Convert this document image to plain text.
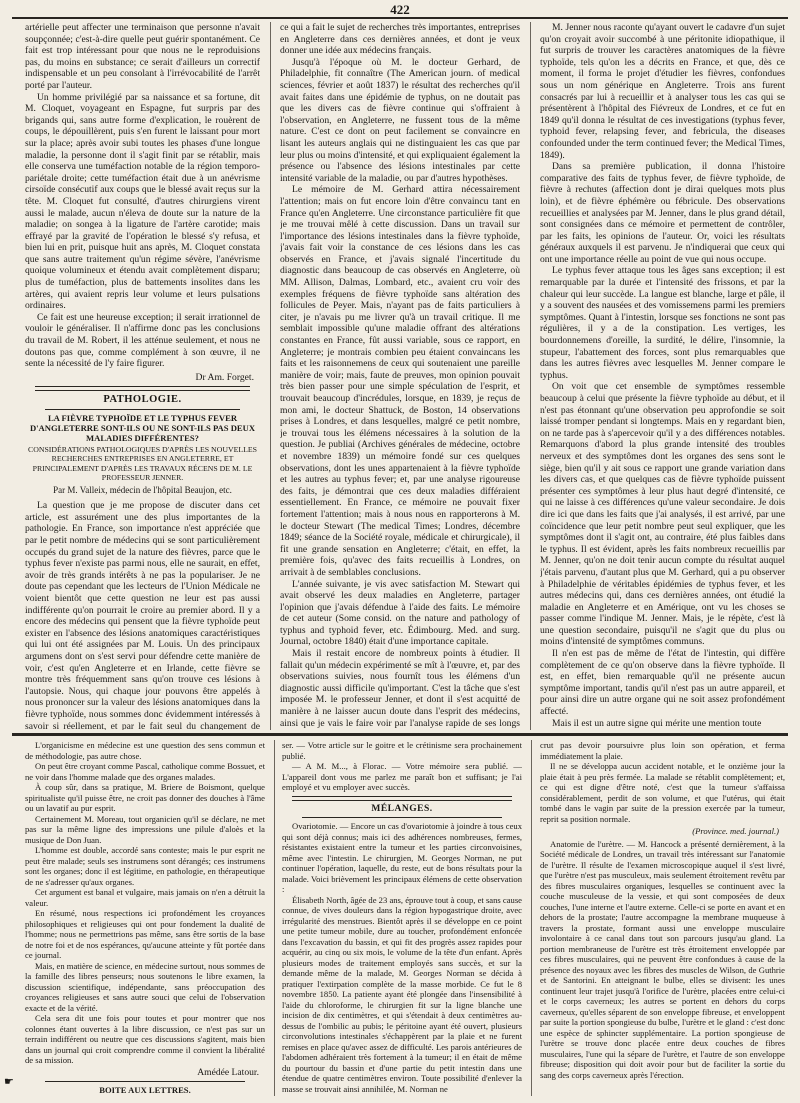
422

artérielle peut affecter une terminaison que personne n'avait soupçonnée; c'est-à-dire quelle peut guérir spontanément. Ce fait est trop intéressant pour que nous ne le reproduisions pas, du moins en substance; ce serait d'ailleurs un correctif indispensable et un peu consolant à l'irrévocabilité de l'arrêt porté par l'auteur.

Un homme privilégié par sa naissance et sa fortune, dit M. Cloquet, voyageant en Espagne, fut surpris par des brigands qui, sans autre forme d'explication, le rouèrent de coups, le dépouillèrent, puis s'en furent le laissant pour mort sur la place; après avoir subi toutes les phases d'une longue maladie, la personne dont il s'agit finit par se rétablir, mais elle conserva une tuméfaction notable de la région temporo-pariétale droite; cette tuméfaction était due à un anévrisme cirsoïde consécutif aux coups que le blessé avait reçus sur la tête. M. Cloquet fut consulté, d'autres chirurgiens virent aussi le malade, aucun n'éleva de doute sur la nature de la maladie; on songea à la ligature de l'artère carotide; mais effrayé par la gravité de l'opération le blessé s'y refusa, et bien lui en prit, puisque huit ans après, M. Cloquet constata que sans autre traitement qu'un régime sévère, l'anévrisme quoique volumineux et étendu avait complètement disparu; plus de tuméfaction, plus de battements insolites dans les artères, qui avaient repris leur volume et leurs pulsations ordinaires.

Ce fait est une heureuse exception; il serait irrationnel de vouloir le généraliser. Il n'affirme donc pas les conclusions du travail de M. Robert, il les atténue seulement, et nous ne doutons pas que, comme complément à son œuvre, il ne sente la nécessité de l'y faire figurer.

Dr Am. Forget.
PATHOLOGIE.
LA FIÈVRE TYPHOÏDE ET LE TYPHUS FEVER D'ANGLETERRE SONT-ILS OU NE SONT-ILS PAS DEUX MALADIES DIFFÉRENTES?
CONSIDÉRATIONS PATHOLOGIQUES D'APRÈS LES NOUVELLES RECHERCHES ENTREPRISES EN ANGLETERRE, ET PRINCIPALEMENT D'APRÈS LES TRAVAUX RÉCENS DE M. LE PROFESSEUR JENNER.
Par M. Valleix, médecin de l'hôpital Beaujon, etc.

La question que je me propose de discuter dans cet article, est assurément une des plus importantes de la pathologie. En France, son importance n'est appréciée que par le petit nombre de médecins qui se sont particulièrement occupés du grand sujet de la nature des fièvres, parce que le typhus fever n'existe pas parmi nous, elle ne saurait, en effet, avoir de très grands intérêts à ne pas la populariser. Je ne doute pas cependant que les lecteurs de l'Union Médicale ne voient bientôt que cette question ne leur est pas aussi indifférente qu'on pourrait le croire au premier abord. Il y a encore des médecins qui pensent que la fièvre typhoïde peut exister en l'absence des lésions anatomiques caractéristiques qui lui ont été assignées par M. Louis. Un des principaux argumens dont on s'est servi pour défendre cette manière de voir, c'est qu'en Angleterre et en Irlande, cette fièvre se montre très fréquemment sans qu'on trouve ces lésions à l'autopsie. Nous, qui chaque jour pouvons être appelés à nous prononcer sur la valeur des lésions anatomiques dans la fièvre typhoïde, nous sommes donc évidemment intéressés à savoir si réellement, et par le fait seul du changement de

ce qui a fait le sujet de recherches très importantes, entreprises en Angleterre dans ces dernières années, et dont je veux donner une idée aux médecins français.

Jusqu'à l'époque où M. le docteur Gerhard, de Philadelphie, fit connaître (The American journ. of medical sciences, février et août 1837) le résultat des recherches qu'il avait faites dans une épidémie de typhus, on ne doutait pas que les divers cas de fièvre continue qui s'offraient à l'observation, en Angleterre, ne fussent tous de la même nature. C'est ce dont on peut facilement se convaincre en lisant les auteurs anglais qui ne distinguaient les cas que par leur plus ou moins d'intensité, et qui expliquaient également la présence ou l'absence des lésions intestinales par cette intensité variable de la maladie, ou par d'autres hypothèses.

Le mémoire de M. Gerhard attira nécessairement l'attention; mais on fut encore loin d'être convaincu tant en France qu'en Angleterre. Une circonstance particulière fit que je me trouvai mêlé à cette discussion. Dans un travail sur l'importance des lésions intestinales dans la fièvre typhoïde, j'avais fait voir la constance de ces lésions dans les cas observés en France, et j'avais signalé l'incertitude du diagnostic dans beaucoup de cas observés en Angleterre, où MM. Allison, Dalmas, Lombard, etc., avaient cru voir des exemples fréquens de fièvre typhoïde sans altération des follicules de Peyer. Mais, n'ayant pas de faits particuliers à citer, je n'avais pu me livrer qu'à un travail critique. Il me semblait impossible qu'une maladie offrant des altérations constantes en France, fût aussi variable, sous ce rapport, en Angleterre; je montrais combien peu étaient convaincans les faits et les raisonnemens de ceux qui soutenaient une pareille manière de voir; mais, faute de preuves, mon opinion pouvait très bien passer pour une simple spéculation de l'esprit, et trouvait beaucoup d'incrédules, lorsque, en 1839, je reçus de mon ami, le docteur Shattuck, de Boston, 14 observations prises à Londres, et dans lesquelles, malgré ce petit nombre, je trouvai tous les élémens nécessaires à la solution de la question. Je publiai (Archives générales de médecine, octobre et novembre 1839) un mémoire fondé sur ces quelques observations, dont les unes appartenaient à la fièvre typhoïde et les autres au typhus fever; et, par une analyse rigoureuse des faits, je démontrai que ces deux maladies différaient essentiellement. En France, ce mémoire ne pouvait fixer fortement l'attention; mais à nous nous en rapporterons à M. le docteur Stewart (The medical Times; Londres, décembre 1849; séance de la Société royale, médicale et chirurgicale), il fit une grande sensation en Angleterre; c'était, en effet, la première fois, qu'avec des faits recueillis à Londres, on arrivait à de semblables conclusions.

L'année suivante, je vis avec satisfaction M. Stewart qui avait observé les deux maladies en Angleterre, partager l'opinion que j'avais défendue à l'aide des faits. Le mémoire de cet auteur (Some consid. on the nature and pathology of typhus and typhoid fever, etc. Édimbourg. Med. and surg. Journal, octobre 1840) était d'une importance capitale.

Mais il restait encore de nombreux points à étudier. Il fallait qu'un médecin expérimenté se mît à l'œuvre, et, par des observations suivies, nous fournît tous les élémens d'un diagnostic aussi difficile qu'important. C'est la tâche que s'est imposée M. le professeur Jenner, et dont il s'est acquitté de manière à ne laisser aucun doute dans l'esprit des médecins, ainsi que je vais le faire voir par l'analyse rapide de ses longs

M. Jenner nous raconte qu'ayant ouvert le cadavre d'un sujet qu'on croyait avoir succombé à une péritonite idiopathique, il fut surpris de trouver les caractères anatomiques de la fièvre typhoïde, tels qu'on les a décrits en France, et que, dès ce moment, il forma le projet d'étudier les fièvres, confondues sous un nom générique en Angleterre. Trois ans furent consacrés par lui à recueillir et à analyser tous les cas qui se présentèrent à l'hôpital des Fiévreux de Londres, et ce fut en 1849 qu'il donna le résultat de ces investigations (typhus fever, typhoid fever, relapsing fever, and febricula, the diseases confounded under the term continued fever; the Medical Times, 1849).

Dans sa première publication, il donna l'histoire comparative des faits de typhus fever, de fièvre typhoïde, de fièvre à rechutes (affection dont je dirai quelques mots plus loin), et de fièvre éphémère ou fébricule. Des observations recueillies et analysées par M. Jenner, dans le plus grand détail, sont consignées dans ce mémoire et permettent de contrôler, par les faits, les opinions de l'auteur. Or, voici les résultats généraux auxquels il est parvenu. Je n'indiquerai que ceux qui ont une importance réelle au point de vue qui nous occupe.

Le typhus fever attaque tous les âges sans exception; il est remarquable par la durée et l'intensité des frissons, et par la chaleur qui leur succède. La langue est blanche, large et pâle, il y a souvent des nausées et des vomissemens parmi les premiers symptômes. Quant à l'intestin, lorsque ses fonctions ne sont pas régulières, il y a de la constipation. Les vertiges, les bourdonnemens d'oreille, la surdité, le délire, l'insomnie, la stupeur, l'abattement des forces, sont plus remarquables que dans les autres fièvres avec lesquelles M. Jenner compare le typhus.

On voit que cet ensemble de symptômes ressemble beaucoup à celui que présente la fièvre typhoïde au début, et il n'est pas étonnant qu'une observation peu approfondie se soit laissé tromper pendant si longtemps. Mais en y regardant bien, on ne tarde pas à s'apercevoir qu'il y a des différences notables. Remarquons d'abord la plus grande intensité des troubles nerveux et des symptômes dont les organes des sens sont le siège, bien qu'il y ait sous ce rapport une grande variation dans les divers cas, et que quelques cas de fièvre typhoïde puissent présenter ces symptômes à leur plus haut degré d'intensité, ce qui ne laisse à ces différences qu'une valeur secondaire. Je dois dire ici que dans les faits que j'ai analysés, il est arrivé, par une coïncidence que leur petit nombre peut seul expliquer, que les symptômes dont il s'agit ont, au contraire, été plus faibles dans le typhus. Il est évident, après les faits nombreux recueillis par M. Jenner, qu'on ne doit tenir aucun compte du résultat auquel j'étais parvenu, d'autant plus que M. Gerhard, qui a pu observer à Philadelphie de véritables épidémies de typhus fever, et les autres médecins qui, dans ces dernières années, ont étudié la maladie en Angleterre et en Amérique, ont vu les choses se passer comme l'indique M. Jenner. Mais, je le répète, c'est là une question secondaire, puisqu'il ne s'agit que du plus ou moins d'intensité de symptômes communs.

Il n'en est pas de même de l'état de l'intestin, qui diffère complètement de ce qu'on observe dans la fièvre typhoïde. Il est, en effet, bien remarquable qu'il ne présente aucun symptôme important, tandis qu'il n'est pas un autre appareil, et pour ainsi dire un autre organe qui ne soit assez profondément affecté.

Mais il est un autre signe qui mérite une mention toute

L'organicisme en médecine est une question des sens commun et de méthodologie, pas autre chose.

On peut être croyant comme Pascal, catholique comme Bossuet, et ne voir dans l'homme malade que des organes malades.

À coup sûr, dans sa pratique, M. Briere de Boismont, quelque spiritualiste qu'il puisse être, ne croit pas donner des douches à l'âme ou un lavatif au pur esprit.

Certainement M. Moreau, tout organicien qu'il se déclare, ne met pas sur la même ligne des impressions une pilule d'aloès et la musique de Don Juan.

L'homme est double, accordé sans conteste; mais le pur esprit ne peut être malade; seuls ses instrumens sont dérangés; ces instrumens sont les organes; donc il est légitime, en pathologie, en thérapeutique de ne s'adresser qu'aux organes.

Cet argument est banal et vulgaire, mais jamais on n'en a détruit la valeur.

En résumé, nous respections ici profondément les croyances philosophiques et religieuses qui ont pour fondement la dualité de l'homme; nous ne permettrions pas même, sans être sortis de la base de notre foi et de nos espérances, qu'aucune atteinte y fût portée dans ce journal.

Mais, en matière de science, en médecine surtout, nous sommes de la famille des libres penseurs; nous soutenons le libre examen, la discussion scientifique, indépendante, sans préoccupation des croyances religieuses et sans autre souci que celui de l'observation exacte et de la vérité.

Cela sera dit une fois pour toutes et pour montrer que nos colonnes étant ouvertes à la libre discussion, ce n'est pas sur un terrain indifférent ou neutre que ces discussions s'agitent, mais bien dans un journal qui croit comprendre comme il convient la libéralité de sa mission.

Amédée Latour.
BOITE AUX LETTRES.

ser. — Votre article sur le goitre et le crétinisme sera prochainement publié.

— A M. M..., à Florac. — Votre mémoire sera publié. — L'appareil dont vous me parlez me paraît bon et suffisant; je l'ai employé et vu employer avec succès.

MÉLANGES.

Ovariotomie. — Encore un cas d'ovariotomie à joindre à tous ceux qui sont déjà connus; mais ici des adhérences nombreuses, fermes, résistantes existaient entre la tumeur et les parties circonvoisines, même avec l'intestin. Le chirurgien, M. Georges Norman, ne put continuer l'opération, laquelle, du reste, eut de bons résultats pour la malade. Voici brièvement les principaux élémens de cette observation :

Élisabeth North, âgée de 23 ans, éprouve tout à coup, et sans cause connue, de vives douleurs dans la région hypogastrique droite, avec irrégularité des menstrues. Bientôt après il se développe en ce point une petite tumeur mobile, dure au toucher, profondément enfoncée dans l'excavation du bassin, et qui fit des progrès assez rapides pour acquérir, au cinq ou six mois, le volume de la tête d'un enfant. Après plusieurs modes de traitement employés sans succès, et sur la demande même de la malade, M. Georges Norman se décida à pratiquer l'extirpation complète de la masse morbide. Ce fut le 8 novembre 1850. La patiente ayant été plongée dans l'insensibilité à l'aide du chloroforme, le chirurgien fit sur la ligne blanche une incision de dix centimètres, et qui s'étendait à deux centimètres au-dessus de l'ombilic au pubis; le péritoine ayant été ouvert, plusieurs circonvolutions intestinales s'échappèrent par la plaie et ne furent remises en place qu'avec assez de difficulté. Les parois antérieures de l'abdomen adhéraient très fortement à la tumeur; il en était de même du pourtour du bassin et d'une partie du petit intestin dans une étendue de quatre centimètres environ. Toute possibilité d'enlever la masse se trouvait ainsi annihilée, M. Norman ne

crut pas devoir poursuivre plus loin son opération, et ferma immédiatement la plaie.

Il ne se développa aucun accident notable, et le onzième jour la plaie était à peu près fermée. La malade se rétablit complètement; et, ce qui est digne d'être noté, c'est que la tumeur s'affaissa considérablement, perdit de son volume, et que l'utérus, qui était tombé dans le vagin par suite de la pression exercée par la tumeur, reprit sa position normale.

(Province. med. journal.)

Anatomie de l'urètre. — M. Hancock a présenté dernièrement, à la Société médicale de Londres, un travail très intéressant sur l'anatomie de l'urètre. Il résulte de l'examen microscopique auquel il s'est livré, que l'urètre n'est pas musculeux, mais seulement étroitement revêtu par des fibres musculaires organiques, lesquelles se continuent avec la couche musculeuse de la vessie, et qui sont composées de deux couches, l'une interne et l'autre externe. Celle-ci se porte en avant et en dehors de la prostate; l'autre accompagne la membrane muqueuse à travers la prostate, formant aussi une enveloppe musculaire involontaire à ce canal dans tout son parcours jusqu'au gland. La portion membraneuse de l'urètre est très étroitement enveloppée par ces fibres musculaires, qui ne peuvent être confondues à cause de la présence des noyaux avec les fibres des muscles de Wilson, de Guthrie et de Santorini. En atteignant le bulbe, elles se divisent: les unes continuent leur trajet jusqu'à l'orifice de l'urètre, placées entre celui-ci et le corps caverneux; les autres se portent en dehors du corps caverneux, qu'elles séparent de son enveloppe fibreuse, et enveloppent par suite la portion spongieuse du bulbe, l'urètre et le gland : c'est donc une espèce de sphincter supplémentaire. La portion spongieuse de l'urètre se trouve donc placée entre deux couches de fibres musculaires, l'une qui la sépare de l'urètre, et l'autre de son enveloppe fibreuse; disposition qui doit avoir pour but de faciliter la sortie du sang des corps caverneux après l'érection.

☛
